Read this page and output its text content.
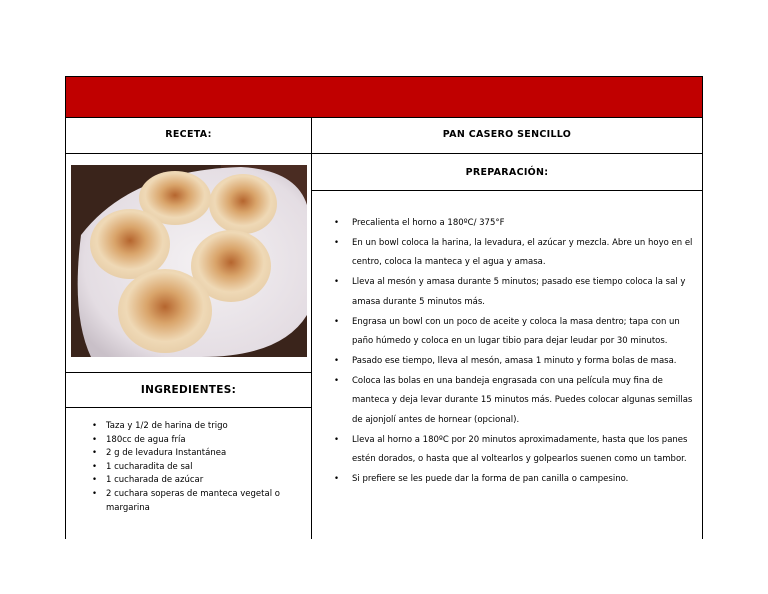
RECETA:	PAN CASERO SENCILLO
PREPARACIÓN:
INGREDIENTES:
• Precalienta el horno a 180ºC/ 375°F
• En un bowl coloca la harina, la levadura, el azúcar y mezcla. Abre un hoyo en el centro, coloca la manteca y el agua y amasa.
• Lleva al mesón y amasa durante 5 minutos; pasado ese tiempo coloca la sal y amasa durante 5 minutos más.
• Engrasa un bowl con un poco de aceite y coloca la masa dentro; tapa con un paño húmedo y coloca en un lugar tibio para dejar leudar por 30 minutos.
• Pasado ese tiempo, lleva al mesón, amasa 1 minuto y forma bolas de masa.
• Coloca las bolas en una bandeja engrasada con una película muy fina de manteca y deja levar durante 15 minutos más. Puedes colocar algunas semillas de ajonjolí antes de hornear (opcional).
• Lleva al horno a 180ºC por 20 minutos aproximadamente, hasta que los panes estén dorados, o hasta que al voltearlos y golpearlos suenen como un tambor.
• Si prefiere se les puede dar la forma de pan canilla o campesino.
• Taza y 1/2 de harina de trigo
• 180cc de agua fría
• 2 g de levadura Instantánea
• 1 cucharadita de sal
• 1 cucharada de azúcar
• 2 cuchara soperas de manteca vegetal o margarina
